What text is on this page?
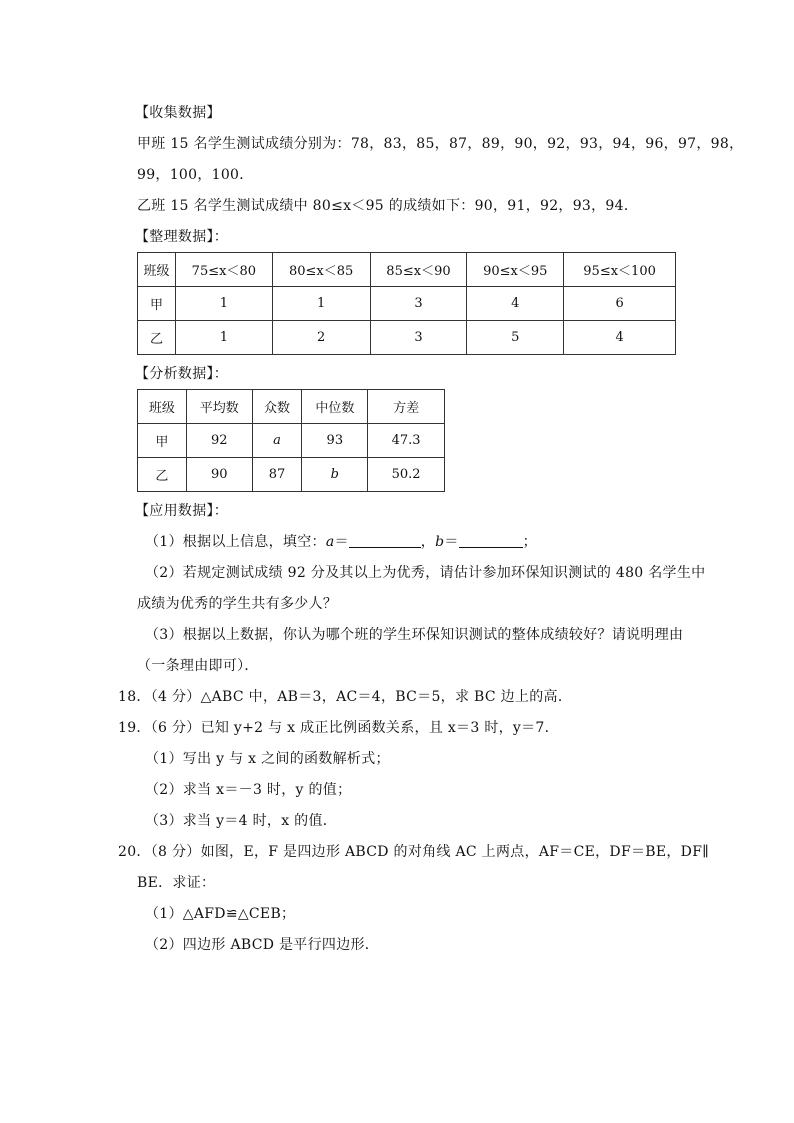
【收集数据】
甲班 15 名学生测试成绩分别为：78，83，85，87，89，90，92，93，94，96，97，98，
99，100，100．
乙班 15 名学生测试成绩中 80≤x＜95 的成绩如下：90，91，92，93，94．
【整理数据】：
班级	75≤x＜80	80≤x＜85	85≤x＜90	90≤x＜95	95≤x＜100
甲	1	1	3	4	6
乙	1	2	3	5	4
【分析数据】：
班级	平均数	众数	中位数	方差
甲	92	a	93	47.3
乙	90	87	b	50.2
【应用数据】：
（1）根据以上信息，填空：a＝	，b＝	；
（2）若规定测试成绩 92 分及其以上为优秀，请估计参加环保知识测试的 480 名学生中
成绩为优秀的学生共有多少人？
（3）根据以上数据，你认为哪个班的学生环保知识测试的整体成绩较好？请说明理由
（一条理由即可）．
18．（4 分）△ABC 中，AB＝3，AC＝4，BC＝5，求 BC 边上的高．
19．（6 分）已知 y+2 与 x 成正比例函数关系，且 x＝3 时，y＝7．
（1）写出 y 与 x 之间的函数解析式；
（2）求当 x＝－3 时，y 的值；
（3）求当 y＝4 时，x 的值．
20．（8 分）如图，E，F 是四边形 ABCD 的对角线 AC 上两点，AF＝CE，DF＝BE，DF∥
BE．求证：
（1）△AFD≌△CEB；
（2）四边形 ABCD 是平行四边形．
